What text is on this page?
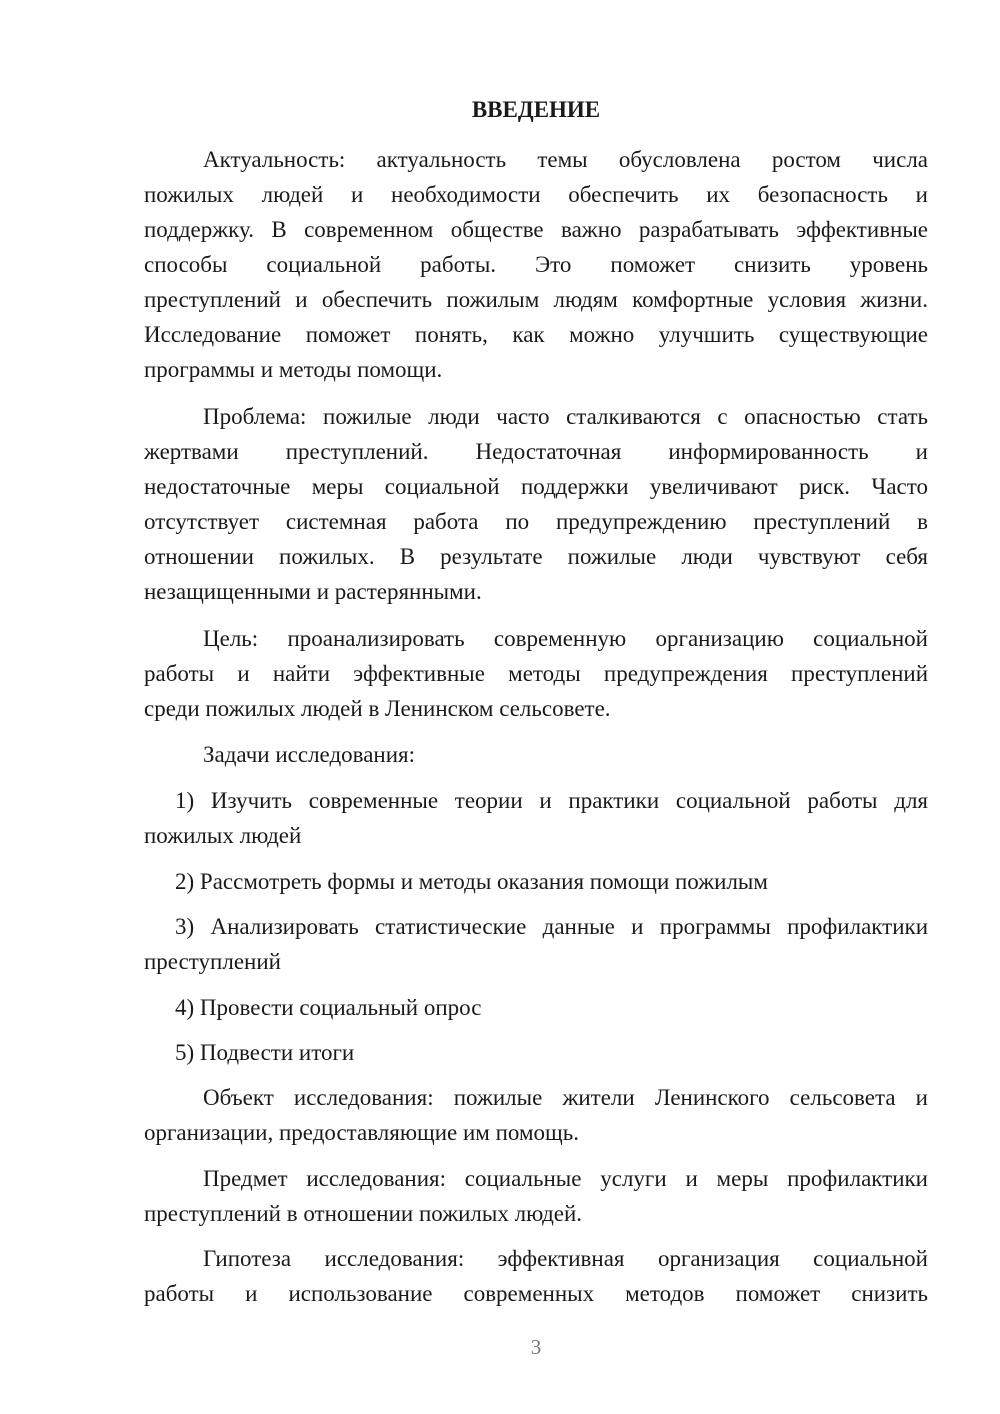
ВВЕДЕНИЕ
Актуальность: актуальность темы обусловлена ростом числа
пожилых людей и необходимости обеспечить их безопасность и
поддержку. В современном обществе важно разрабатывать эффективные
способы социальной работы. Это поможет снизить уровень
преступлений и обеспечить пожилым людям комфортные условия жизни.
Исследование поможет понять, как можно улучшить существующие
программы и методы помощи.
Проблема: пожилые люди часто сталкиваются с опасностью стать
жертвами преступлений. Недостаточная информированность и
недостаточные меры социальной поддержки увеличивают риск. Часто
отсутствует системная работа по предупреждению преступлений в
отношении пожилых. В результате пожилые люди чувствуют себя
незащищенными и растерянными.
Цель: проанализировать современную организацию социальной
работы и найти эффективные методы предупреждения преступлений
среди пожилых людей в Ленинском сельсовете.
Задачи исследования:
1) Изучить современные теории и практики социальной работы для
пожилых людей
2) Рассмотреть формы и методы оказания помощи пожилым
3) Анализировать статистические данные и программы профилактики
преступлений
4) Провести социальный опрос
5) Подвести итоги
Объект исследования: пожилые жители Ленинского сельсовета и
организации, предоставляющие им помощь.
Предмет исследования: социальные услуги и меры профилактики
преступлений в отношении пожилых людей.
Гипотеза исследования: эффективная организация социальной
работы и использование современных методов поможет снизить
3
